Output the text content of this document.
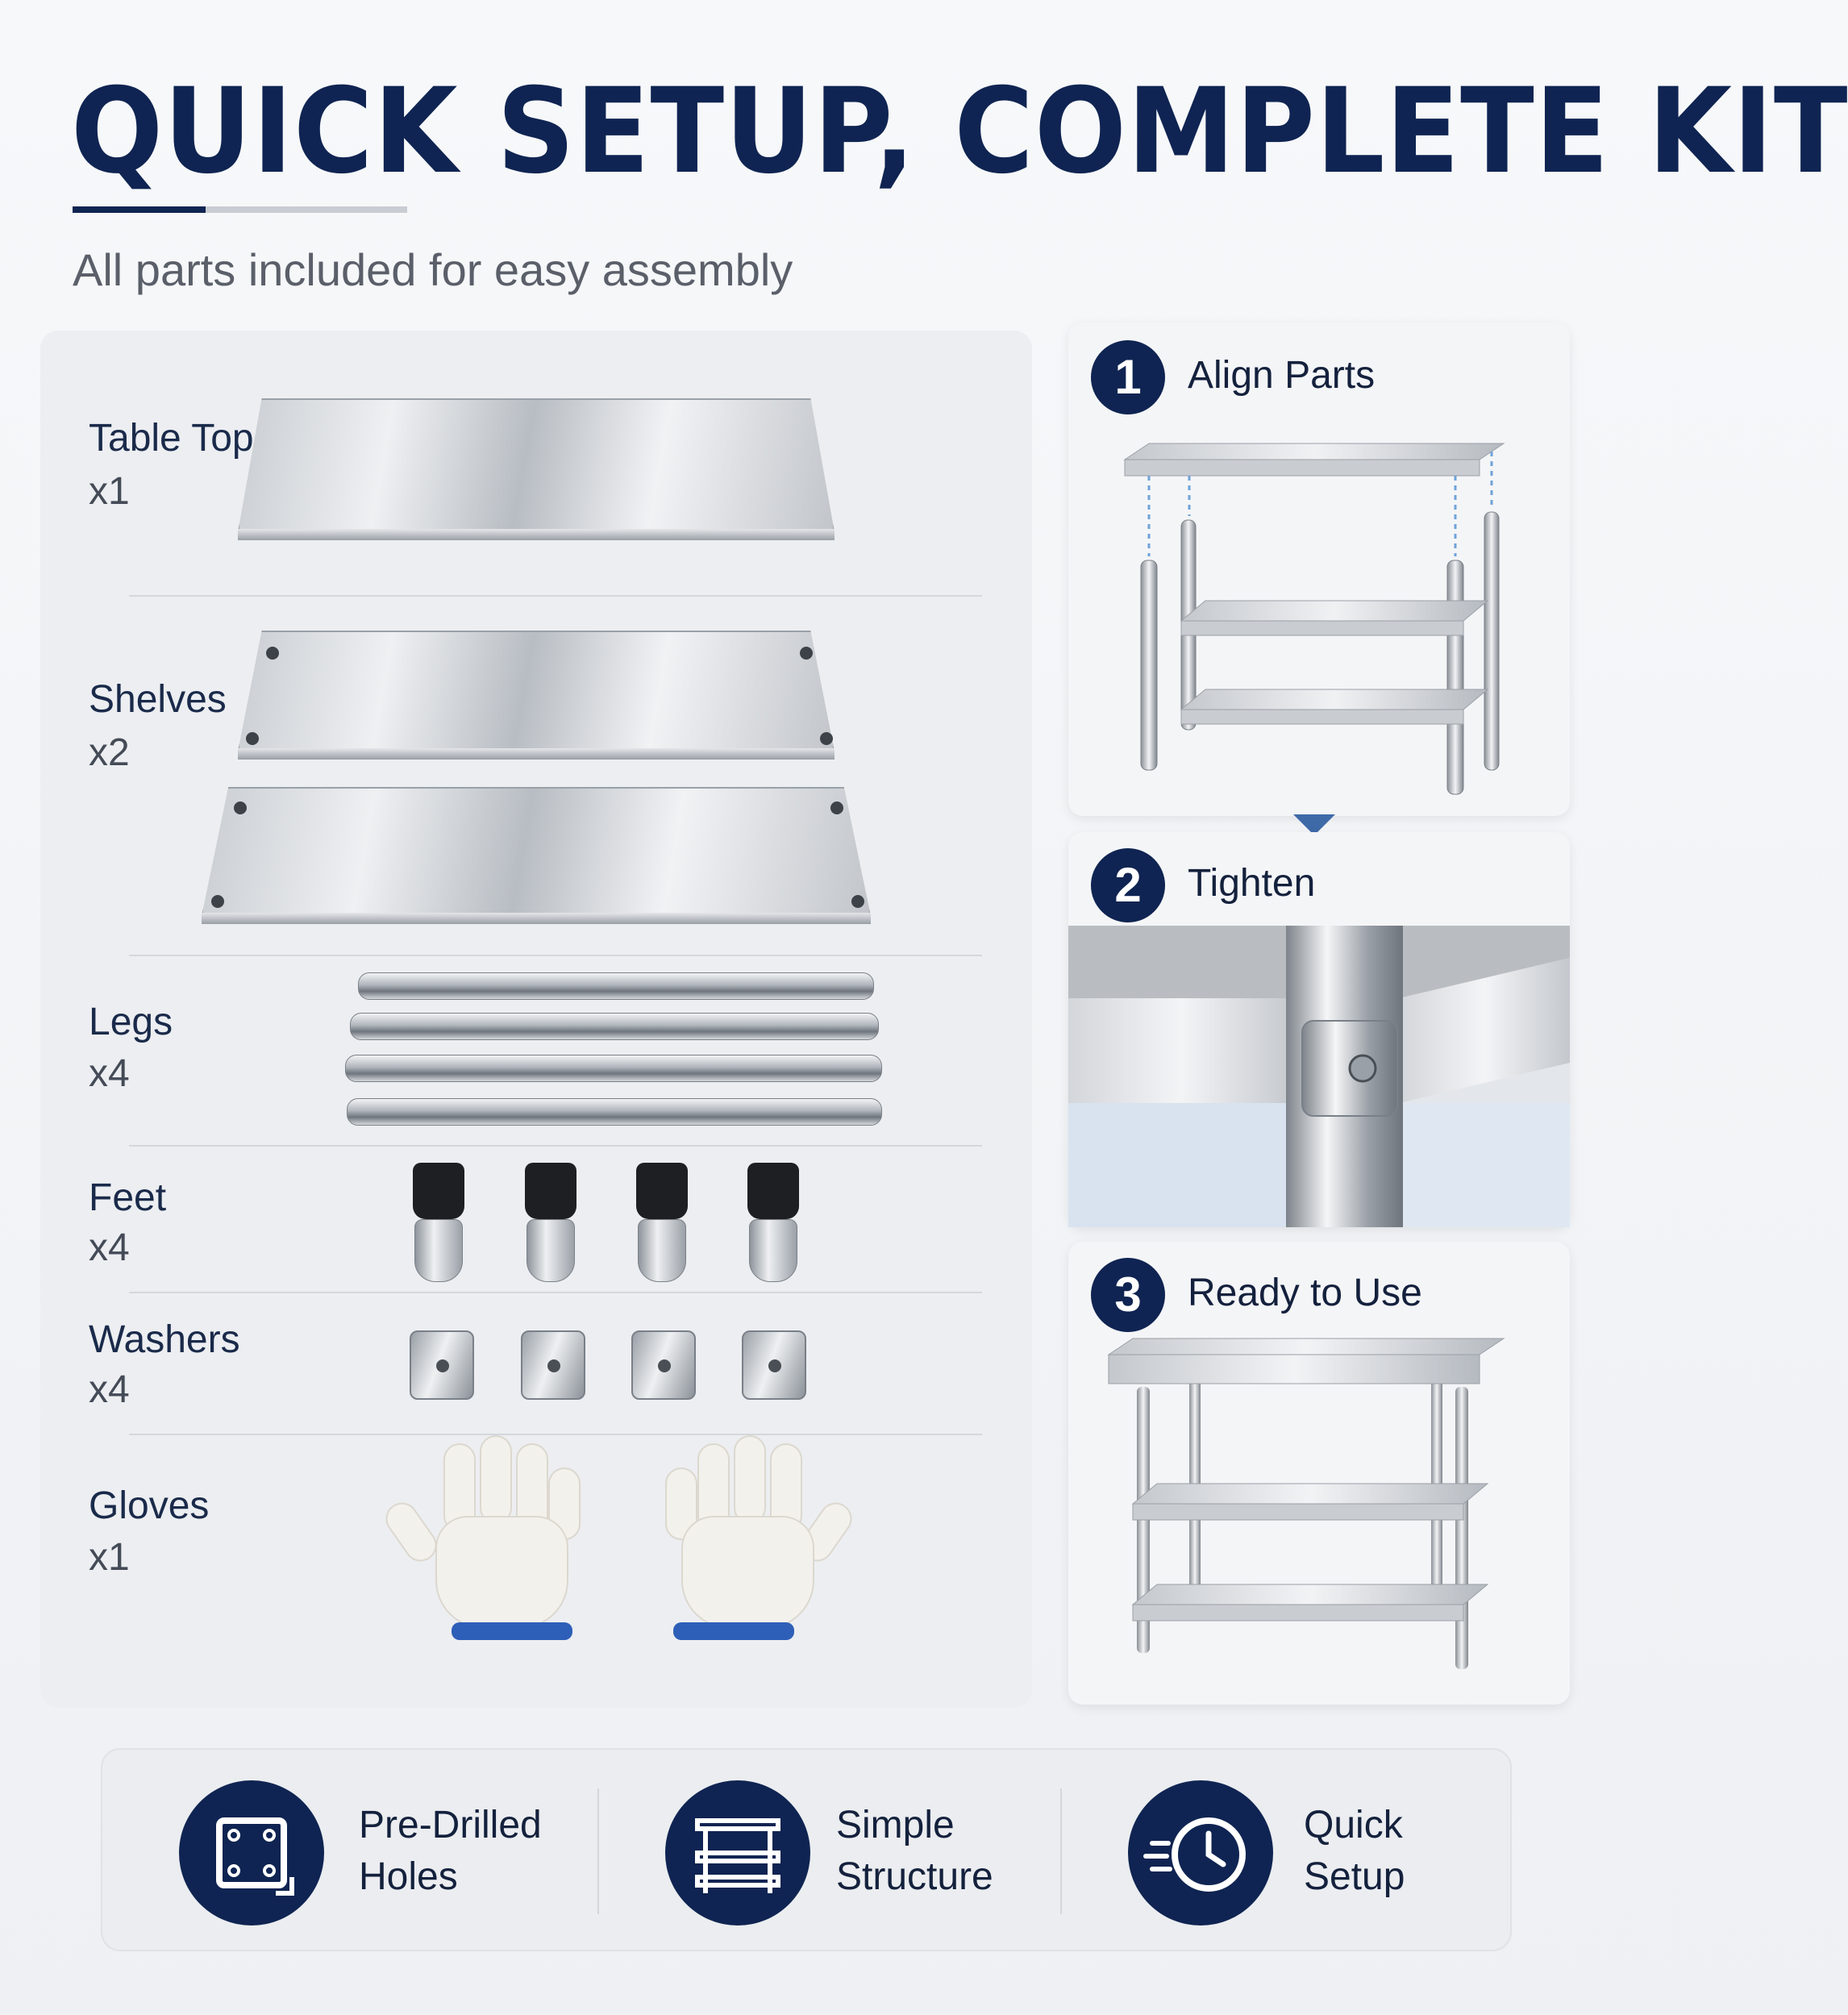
QUICK SETUP, COMPLETE KIT
All parts included for easy assembly
Table Top
x1
Shelves
x2
Legs
x4
Feet
x4
Washers
x4
Gloves
x1
1	Align Parts
2	Tighten
3	Ready to Use
Pre-Drilled
Holes
Simple
Structure
Quick
Setup
